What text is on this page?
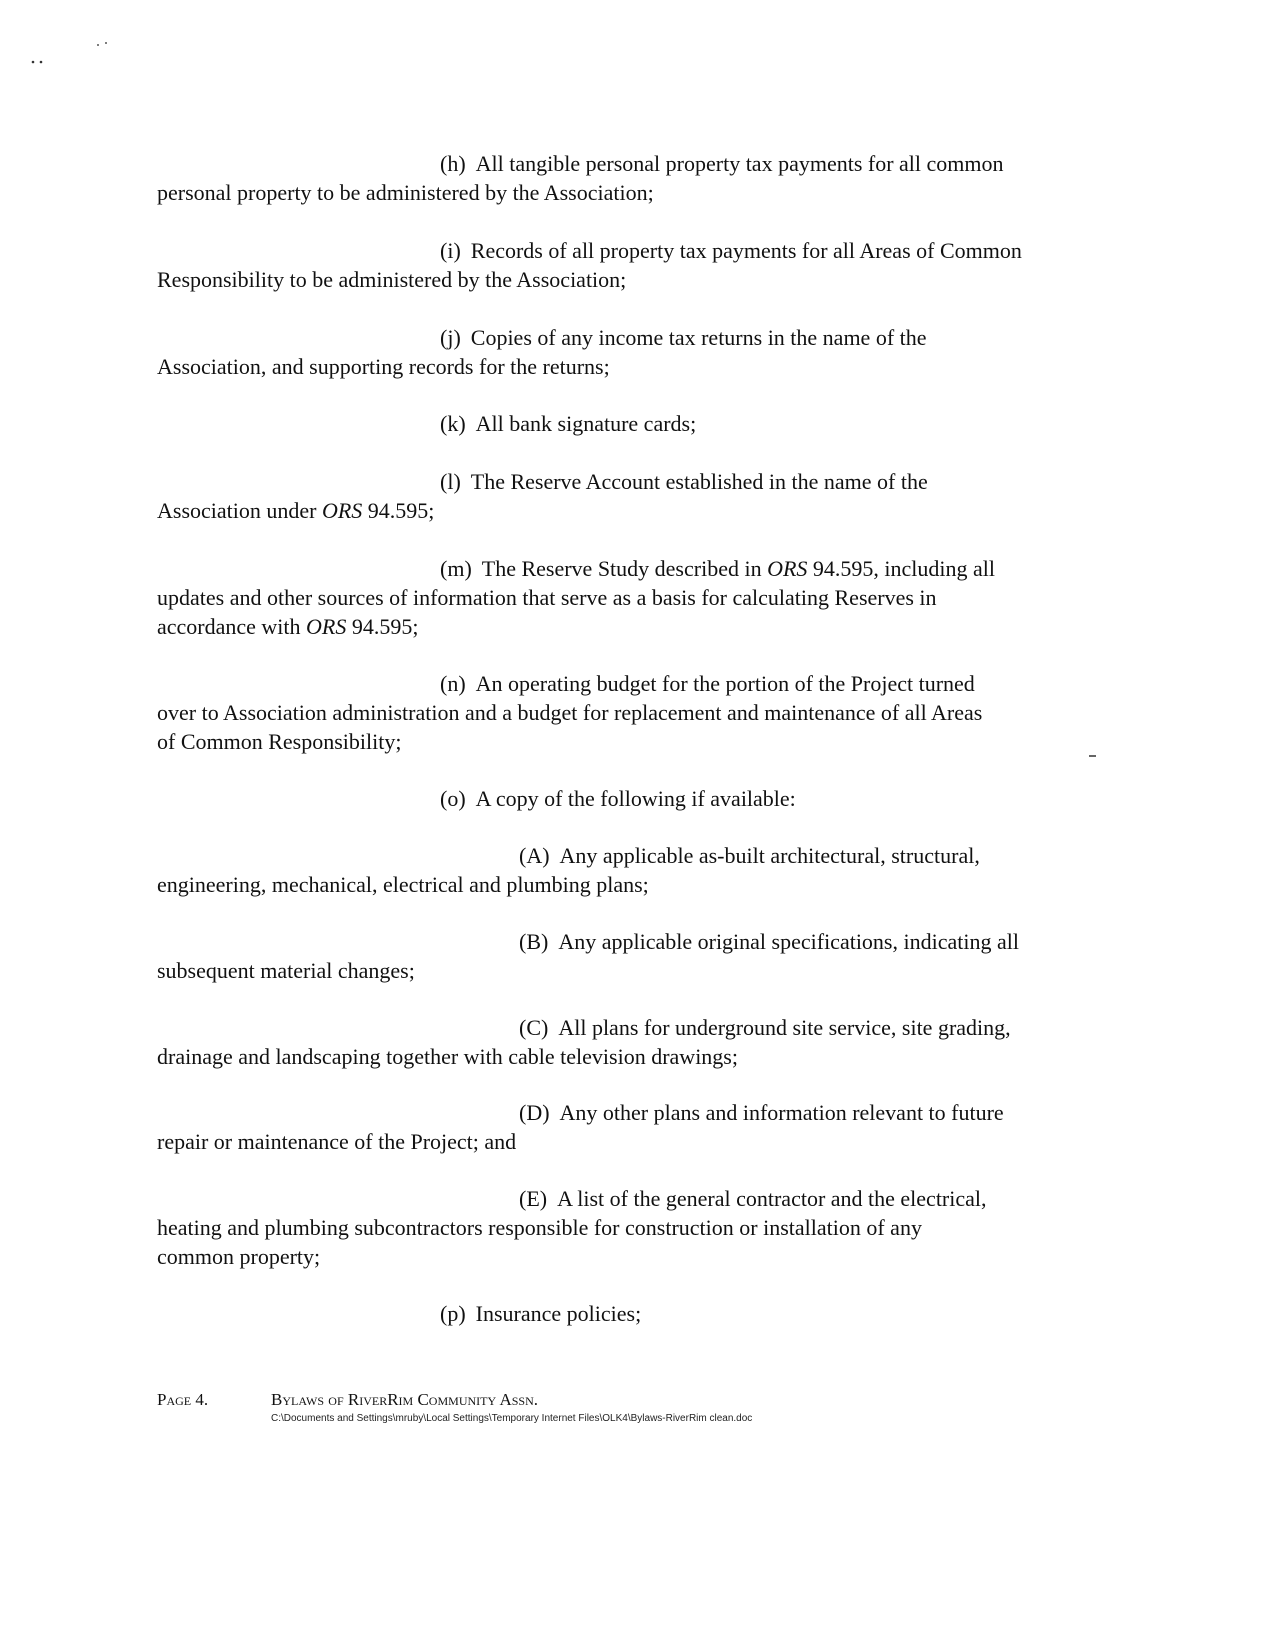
(h) All tangible personal property tax payments for all common
personal property to be administered by the Association;

(i) Records of all property tax payments for all Areas of Common
Responsibility to be administered by the Association;

(j) Copies of any income tax returns in the name of the
Association, and supporting records for the returns;

(k) All bank signature cards;

(l) The Reserve Account established in the name of the
Association under ORS 94.595;

(m) The Reserve Study described in ORS 94.595, including all
updates and other sources of information that serve as a basis for calculating Reserves in
accordance with ORS 94.595;

(n) An operating budget for the portion of the Project turned
over to Association administration and a budget for replacement and maintenance of all Areas
of Common Responsibility;

(o) A copy of the following if available:

(A) Any applicable as-built architectural, structural,
engineering, mechanical, electrical and plumbing plans;

(B) Any applicable original specifications, indicating all
subsequent material changes;

(C) All plans for underground site service, site grading,
drainage and landscaping together with cable television drawings;

(D) Any other plans and information relevant to future
repair or maintenance of the Project; and

(E) A list of the general contractor and the electrical,
heating and plumbing subcontractors responsible for construction or installation of any
common property;

(p) Insurance policies;

Page 4.	Bylaws of RiverRim Community Assn.
C:\Documents and Settings\mruby\Local Settings\Temporary Internet Files\OLK4\Bylaws-RiverRim clean.doc
